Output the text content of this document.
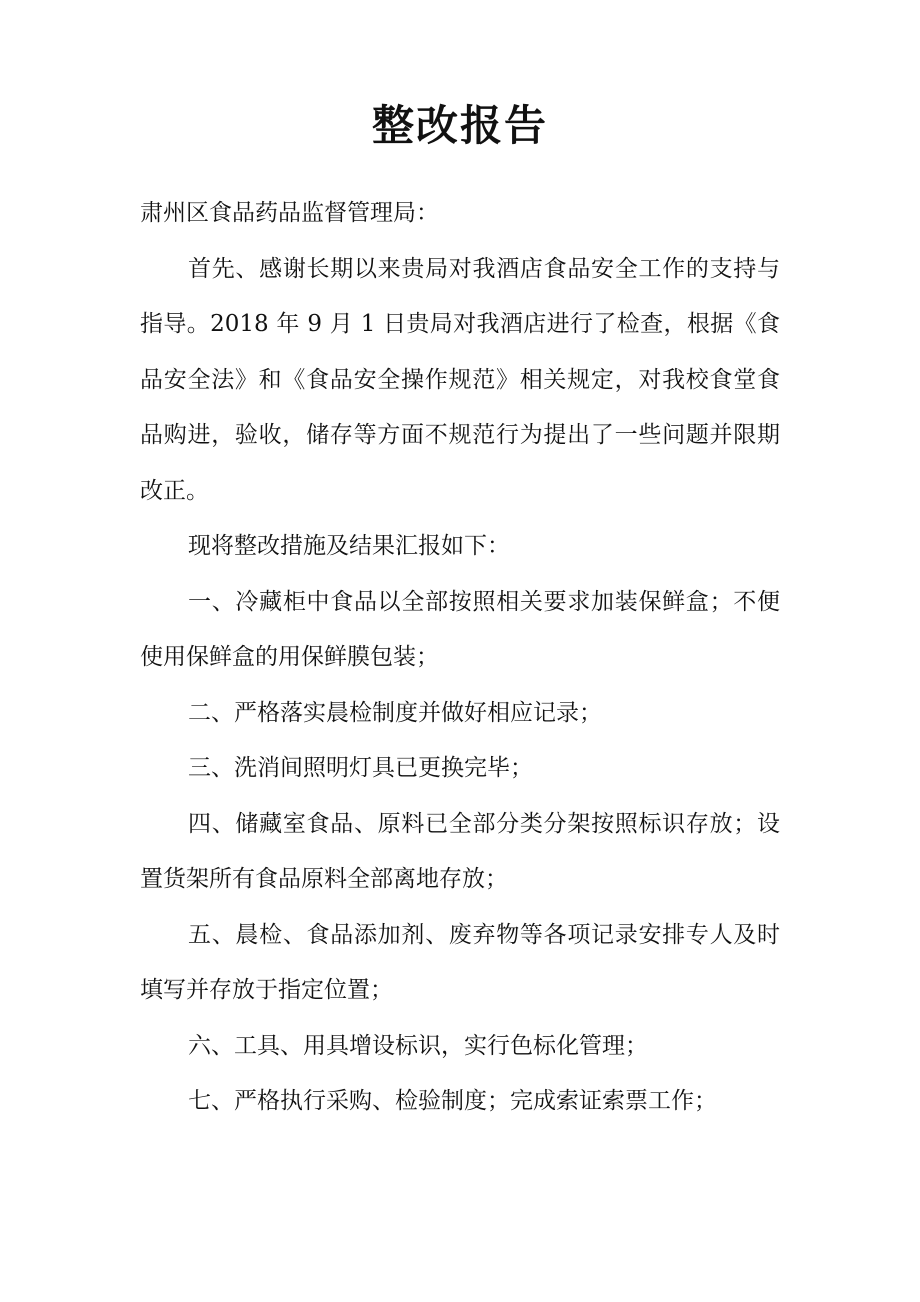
整改报告

肃州区食品药品监督管理局：

首先、感谢长期以来贵局对我酒店食品安全工作的支持与指导。2018 年 9 月 1 日贵局对我酒店进行了检查，根据《食品安全法》和《食品安全操作规范》相关规定，对我校食堂食品购进，验收，储存等方面不规范行为提出了一些问题并限期改正。

现将整改措施及结果汇报如下：

一、冷藏柜中食品以全部按照相关要求加装保鲜盒；不便使用保鲜盒的用保鲜膜包装；

二、严格落实晨检制度并做好相应记录；

三、洗消间照明灯具已更换完毕；

四、储藏室食品、原料已全部分类分架按照标识存放；设置货架所有食品原料全部离地存放；

五、晨检、食品添加剂、废弃物等各项记录安排专人及时填写并存放于指定位置；

六、工具、用具增设标识，实行色标化管理；

七、严格执行采购、检验制度；完成索证索票工作；
